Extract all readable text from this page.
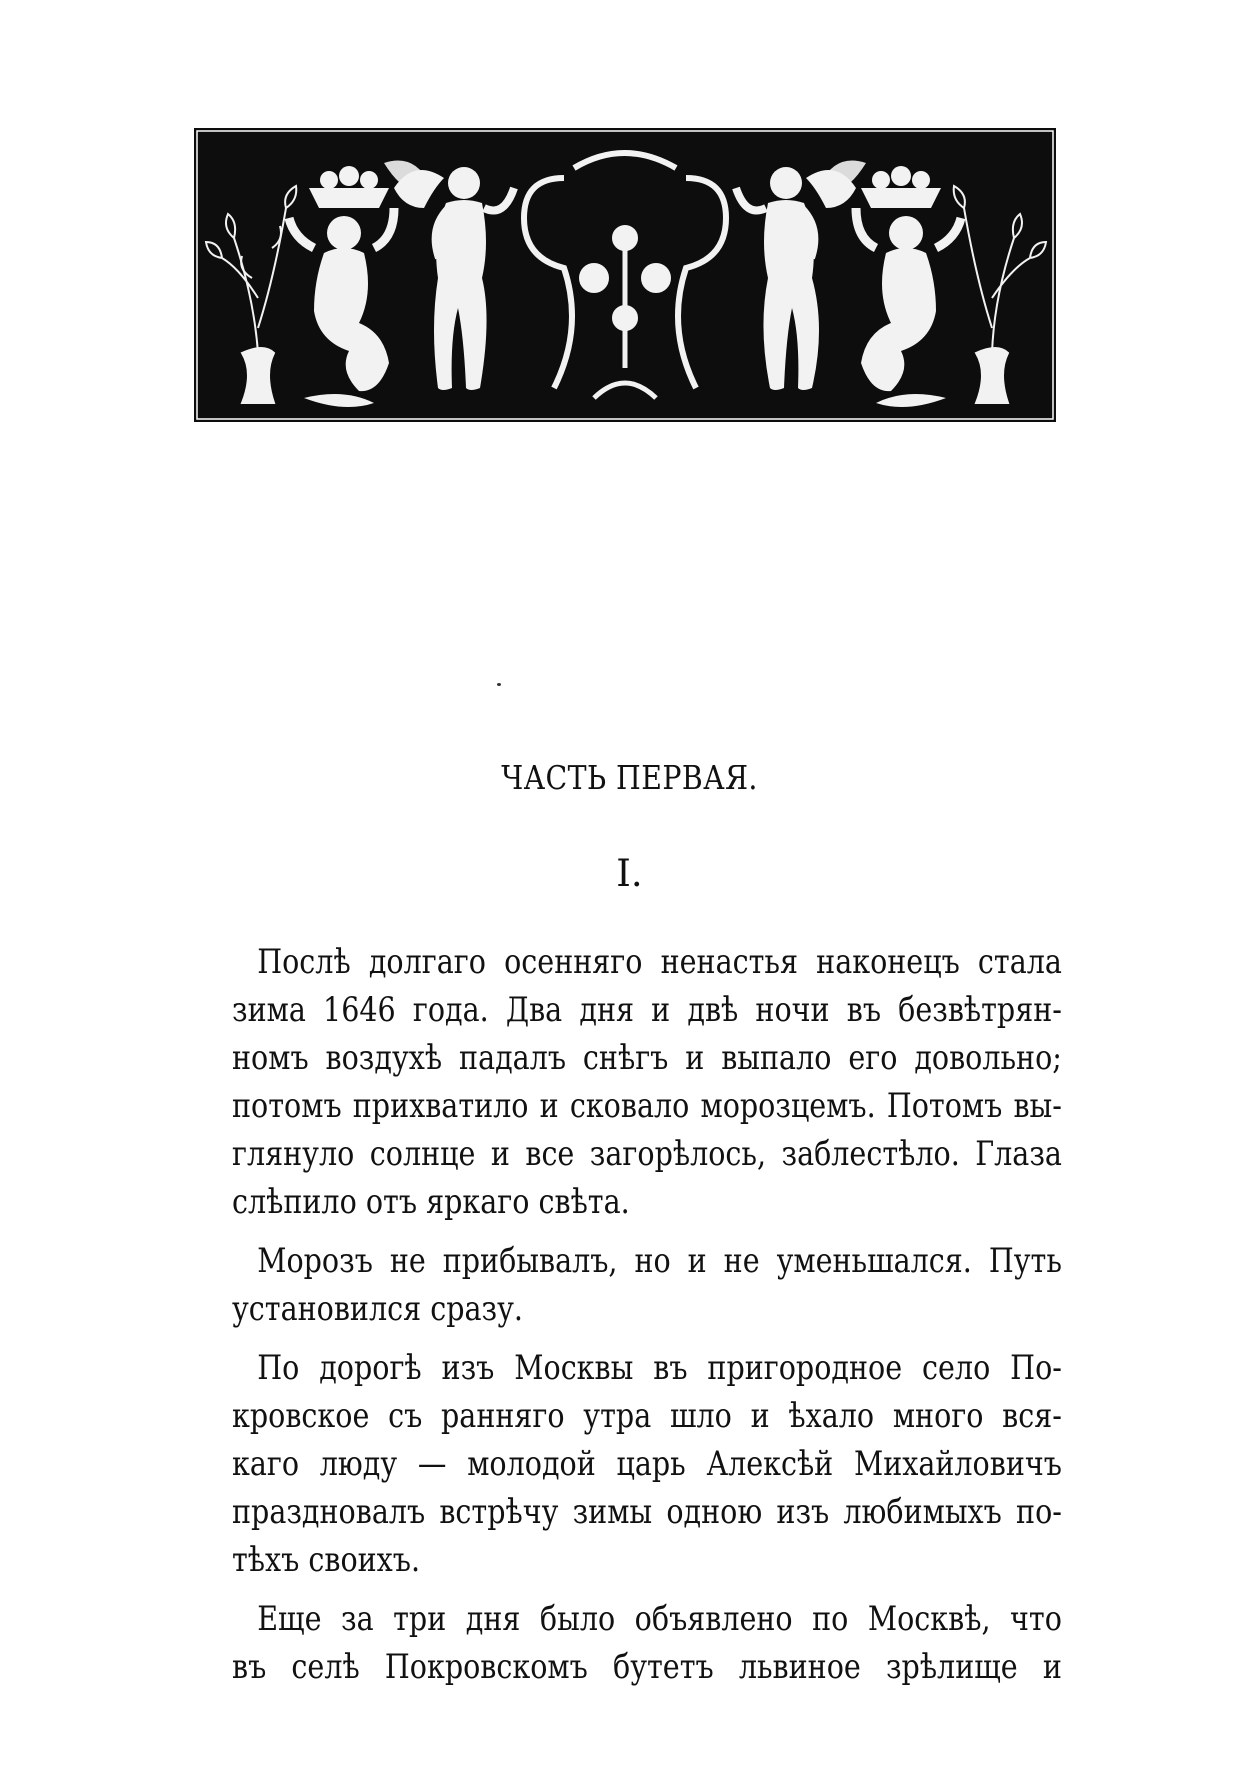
ЧАСТЬ ПЕРВАЯ.
I.
Послѣ долгаго осенняго ненастья наконецъ стала
зима 1646 года. Два дня и двѣ ночи въ безвѣтрян-
номъ воздухѣ падалъ снѣгъ и выпало его довольно;
потомъ прихватило и сковало морозцемъ. Потомъ вы-
глянуло солнце и все загорѣлось, заблестѣло. Глаза
слѣпило отъ яркаго свѣта.
Морозъ не прибывалъ, но и не уменьшался. Путь
установился сразу.
По дорогѣ изъ Москвы въ пригородное село По-
кровское съ ранняго утра шло и ѣхало много вся-
каго люду — молодой царь Алексѣй Михайловичъ
праздновалъ встрѣчу зимы одною изъ любимыхъ по-
тѣхъ своихъ.
Еще за три дня было объявлено по Москвѣ, что
въ селѣ Покровскомъ бутетъ львиное зрѣлище и
